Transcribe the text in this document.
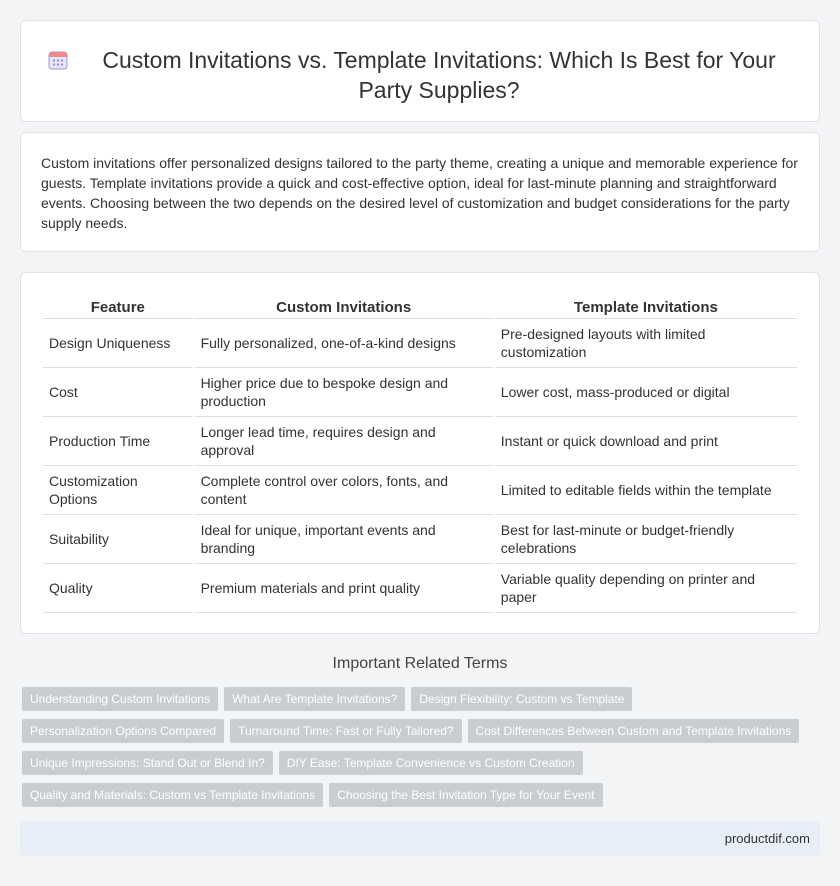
Custom Invitations vs. Template Invitations: Which Is Best for Your Party Supplies?

Custom invitations offer personalized designs tailored to the party theme, creating a unique and memorable experience for guests. Template invitations provide a quick and cost-effective option, ideal for last-minute planning and straightforward events. Choosing between the two depends on the desired level of customization and budget considerations for the party supply needs.

Feature	Custom Invitations	Template Invitations
Design Uniqueness	Fully personalized, one-of-a-kind designs	Pre-designed layouts with limited customization
Cost	Higher price due to bespoke design and production	Lower cost, mass-produced or digital
Production Time	Longer lead time, requires design and approval	Instant or quick download and print
Customization Options	Complete control over colors, fonts, and content	Limited to editable fields within the template
Suitability	Ideal for unique, important events and branding	Best for last-minute or budget-friendly celebrations
Quality	Premium materials and print quality	Variable quality depending on printer and paper
Important Related Terms
Understanding Custom Invitations	What Are Template Invitations?	Design Flexibility: Custom vs Template
Personalization Options Compared	Turnaround Time: Fast or Fully Tailored?	Cost Differences Between Custom and Template Invitations
Unique Impressions: Stand Out or Blend In?	DIY Ease: Template Convenience vs Custom Creation
Quality and Materials: Custom vs Template Invitations	Choosing the Best Invitation Type for Your Event
productdif.com
